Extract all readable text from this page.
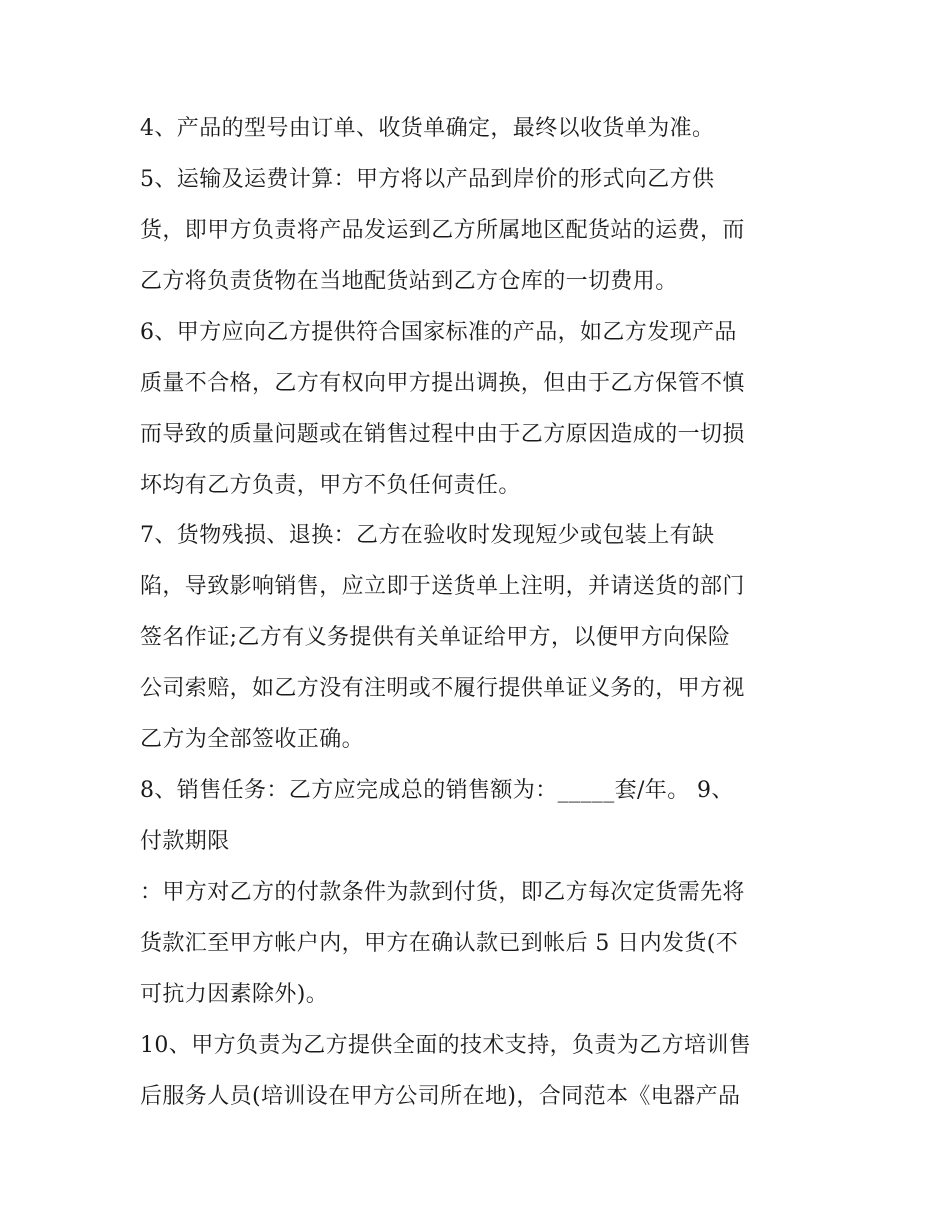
4、产品的型号由订单、收货单确定，最终以收货单为准。

5、运输及运费计算：甲方将以产品到岸价的形式向乙方供

货，即甲方负责将产品发运到乙方所属地区配货站的运费，而

乙方将负责货物在当地配货站到乙方仓库的一切费用。

6、甲方应向乙方提供符合国家标准的产品，如乙方发现产品

质量不合格，乙方有权向甲方提出调换，但由于乙方保管不慎

而导致的质量问题或在销售过程中由于乙方原因造成的一切损

坏均有乙方负责，甲方不负任何责任。

7、货物残损、退换：乙方在验收时发现短少或包装上有缺

陷，导致影响销售，应立即于送货单上注明，并请送货的部门

签名作证;乙方有义务提供有关单证给甲方，以便甲方向保险

公司索赔，如乙方没有注明或不履行提供单证义务的，甲方视

乙方为全部签收正确。

8、销售任务：乙方应完成总的销售额为：_____套/年。 9、

付款期限

：甲方对乙方的付款条件为款到付货，即乙方每次定货需先将

货款汇至甲方帐户内，甲方在确认款已到帐后 5 日内发货(不

可抗力因素除外)。

10、甲方负责为乙方提供全面的技术支持，负责为乙方培训售

后服务人员(培训设在甲方公司所在地)，合同范本《电器产品
